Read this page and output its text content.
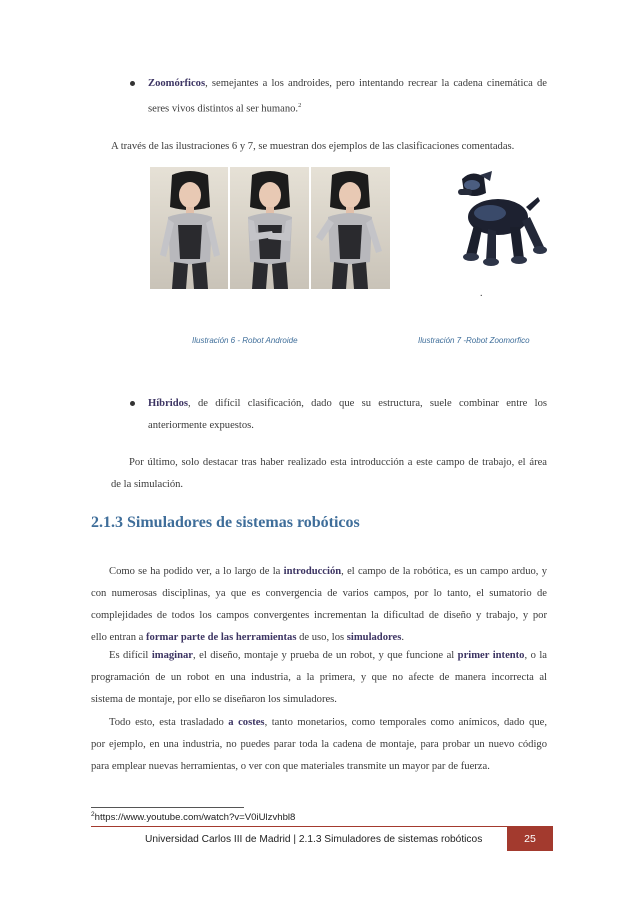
Zoomórficos, semejantes a los androides, pero intentando recrear la cadena cinemática de
seres vivos distintos al ser humano.$^2$
A través de las ilustraciones 6 y 7, se muestran dos ejemplos de las clasificaciones comentadas.
.
Ilustración 6 - Robot Androide	Ilustración 7 -Robot Zoomorfico
Híbridos, de difícil clasificación, dado que su estructura, suele combinar entre los
anteriormente expuestos.
Por último, solo destacar tras haber realizado esta introducción a este campo de trabajo, el área
de la simulación.
2.1.3 Simuladores de sistemas robóticos
Como se ha podido ver, a lo largo de la introducción, el campo de la robótica, es un campo arduo, y
con numerosas disciplinas, ya que es convergencia de varios campos, por lo tanto, el sumatorio de
complejidades de todos los campos convergentes incrementan la dificultad de diseño y trabajo, y por
ello entran a formar parte de las herramientas de uso, los simuladores.
Es difícil imaginar, el diseño, montaje y prueba de un robot, y que funcione al primer intento, o la
programación de un robot en una industria, a la primera, y que no afecte de manera incorrecta al
sistema de montaje, por ello se diseñaron los simuladores.
Todo esto, esta trasladado a costes, tanto monetarios, como temporales como anímicos, dado que,
por ejemplo, en una industria, no puedes parar toda la cadena de montaje, para probar un nuevo código
para emplear nuevas herramientas, o ver con que materiales transmite un mayor par de fuerza.
$^2$https://www.youtube.com/watch?v=V0iUlzvhbl8
Universidad Carlos III de Madrid | 2.1.3 Simuladores de sistemas robóticos	25
